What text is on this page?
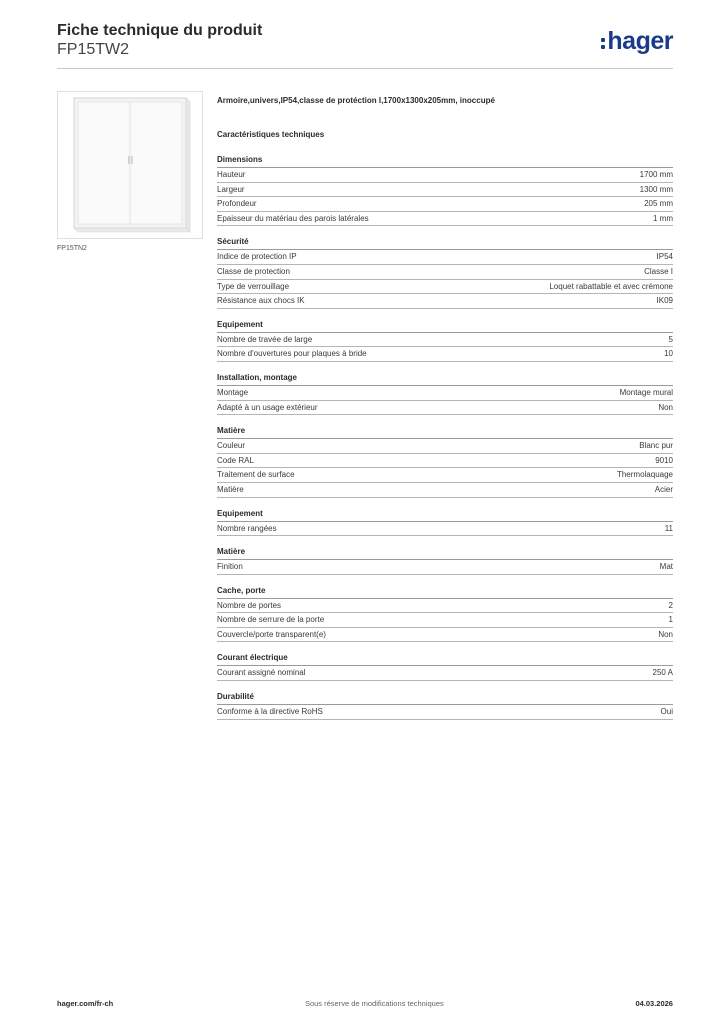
Fiche technique du produit
FP15TW2	hager
FP15TN2
Armoire,univers,IP54,classe de protéction I,1700x1300x205mm, inoccupé
Caractéristiques techniques
Dimensions
Hauteur	1700 mm
Largeur	1300 mm
Profondeur	205 mm
Epaisseur du matériau des parois latérales	1 mm
Sécurité
Indice de protection IP	IP54
Classe de protection	Classe I
Type de verrouillage	Loquet rabattable et avec crémone
Résistance aux chocs IK	IK09
Equipement
Nombre de travée de large	5
Nombre d'ouvertures pour plaques à bride	10
Installation, montage
Montage	Montage mural
Adapté à un usage extérieur	Non
Matière
Couleur	Blanc pur
Code RAL	9010
Traitement de surface	Thermolaquage
Matière	Acier
Equipement
Nombre rangées	11
Matière
Finition	Mat
Cache, porte
Nombre de portes	2
Nombre de serrure de la porte	1
Couvercle/porte transparent(e)	Non
Courant électrique
Courant assigné nominal	250 A
Durabilité
Conforme à la directive RoHS	Oui
hager.com/fr-ch	Sous réserve de modifications techniques	04.03.2026
